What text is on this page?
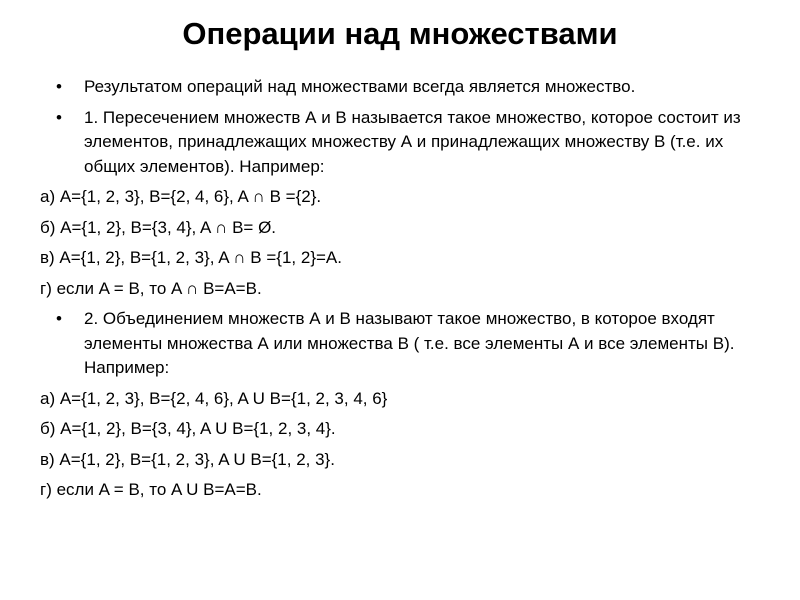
Операции над множествами
• Результатом операций над множествами всегда является множество.
• 1. Пересечением множеств А и В называется такое множество, которое состоит из элементов, принадлежащих множеству А и принадлежащих множеству В (т.е. их общих элементов). Например:
а) A={1, 2, 3}, B={2, 4, 6}, A ∩ B ={2}.
б) A={1, 2}, B={3, 4}, A ∩ B= Ø.
в) A={1, 2}, B={1, 2, 3}, A ∩ B ={1, 2}=A.
г) если A = B, то A ∩ B=A=B.
• 2. Объединением множеств А и В называют такое множество, в которое входят элементы множества А или множества В ( т.е. все элементы А и все элементы В). Например:
а) A={1, 2, 3}, B={2, 4, 6}, A U B={1, 2, 3, 4, 6}
б) A={1, 2}, B={3, 4}, A U B={1, 2, 3, 4}.
в) A={1, 2}, B={1, 2, 3}, A U B={1, 2, 3}.
г) если A = B, то A U B=A=B.
